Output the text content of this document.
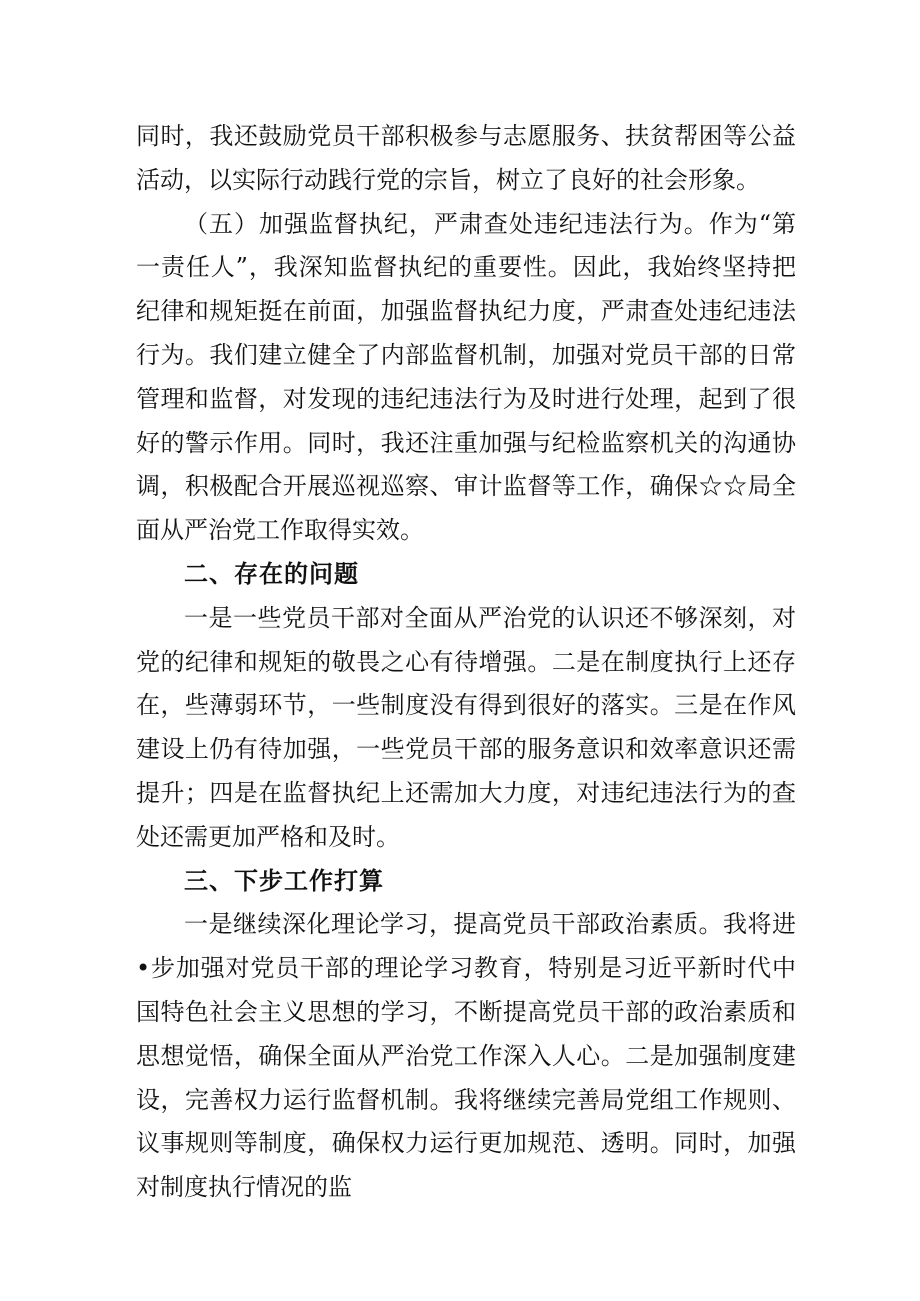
同时，我还鼓励党员干部积极参与志愿服务、扶贫帮困等公益活动，以实际行动践行党的宗旨，树立了良好的社会形象。

（五）加强监督执纪，严肃查处违纪违法行为。作为“第一责任人”，我深知监督执纪的重要性。因此，我始终坚持把纪律和规矩挺在前面，加强监督执纪力度，严肃查处违纪违法行为。我们建立健全了内部监督机制，加强对党员干部的日常管理和监督，对发现的违纪违法行为及时进行处理，起到了很好的警示作用。同时，我还注重加强与纪检监察机关的沟通协调，积极配合开展巡视巡察、审计监督等工作，确保☆☆局全面从严治党工作取得实效。

二、存在的问题

一是一些党员干部对全面从严治党的认识还不够深刻，对党的纪律和规矩的敬畏之心有待增强。二是在制度执行上还存在，些薄弱环节，一些制度没有得到很好的落实。三是在作风建设上仍有待加强，一些党员干部的服务意识和效率意识还需提升；四是在监督执纪上还需加大力度，对违纪违法行为的查处还需更加严格和及时。

三、下步工作打算

一是继续深化理论学习，提高党员干部政治素质。我将进•步加强对党员干部的理论学习教育，特别是习近平新时代中国特色社会主义思想的学习，不断提高党员干部的政治素质和思想觉悟，确保全面从严治党工作深入人心。二是加强制度建设，完善权力运行监督机制。我将继续完善局党组工作规则、议事规则等制度，确保权力运行更加规范、透明。同时，加强对制度执行情况的监
